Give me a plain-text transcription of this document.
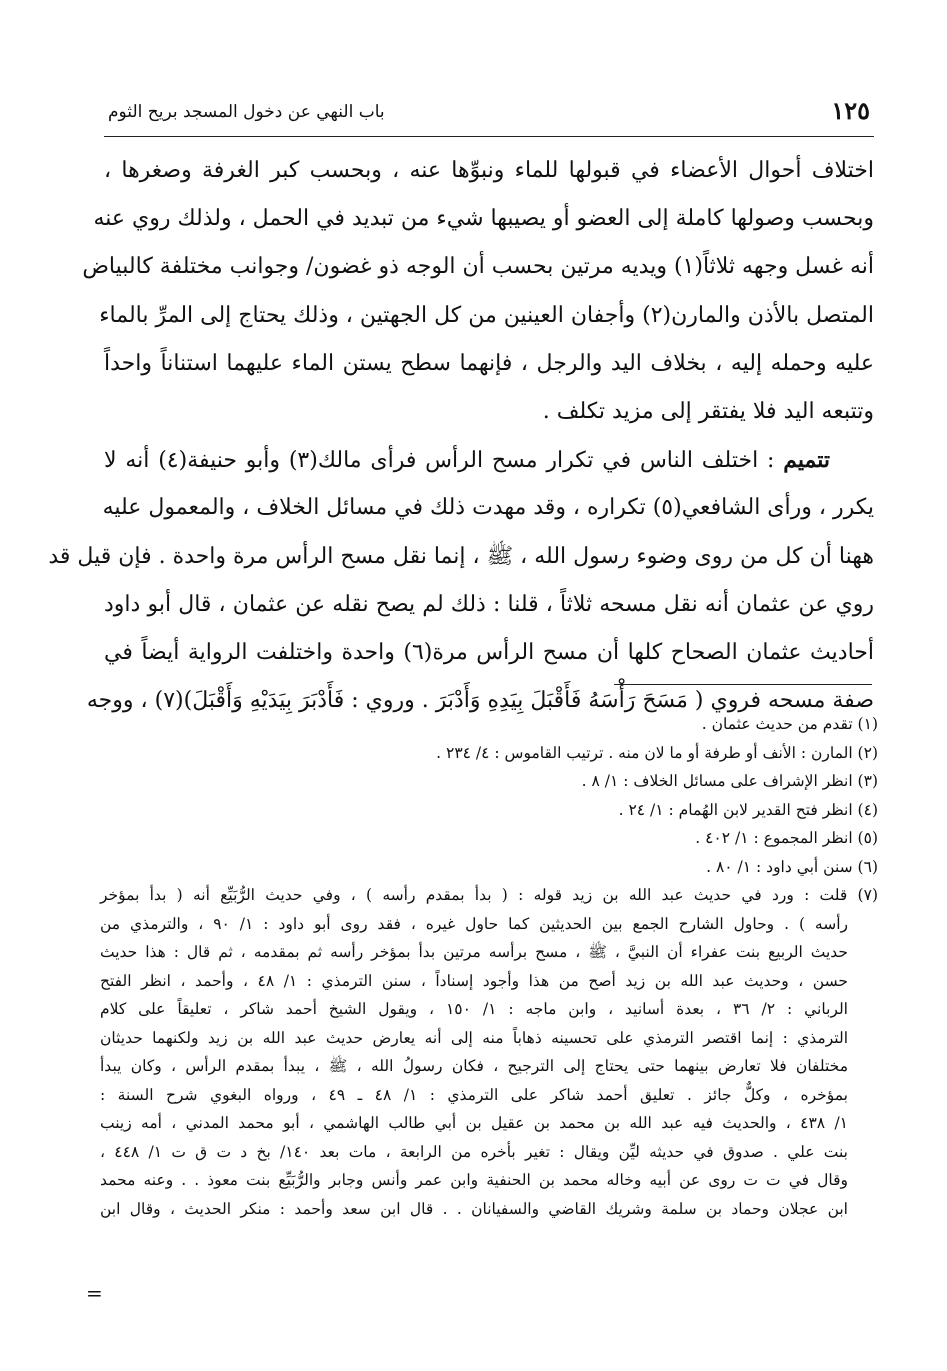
١٢٥
باب النهي عن دخول المسجد بريح الثوم
اختلاف أحوال الأعضاء في قبولها للماء ونبوِّها عنه ، وبحسب كبر الغرفة وصغرها ،
وبحسب وصولها كاملة إلى العضو أو يصيبها شيء من تبديد في الحمل ، ولذلك روي عنه
أنه غسل وجهه ثلاثاً(١) ويديه مرتين بحسب أن الوجه ذو غضون/ وجوانب مختلفة كالبياض
المتصل بالأذن والمارن(٢) وأجفان العينين من كل الجهتين ، وذلك يحتاج إلى المرِّ بالماء
عليه وحمله إليه ، بخلاف اليد والرجل ، فإنهما سطح يستن الماء عليهما استناناً واحداً
وتتبعه اليد فلا يفتقر إلى مزيد تكلف .
تتميم : اختلف الناس في تكرار مسح الرأس فرأى مالك(٣) وأبو حنيفة(٤) أنه لا
يكرر ، ورأى الشافعي(٥) تكراره ، وقد مهدت ذلك في مسائل الخلاف ، والمعمول عليه
ههنا أن كل من روى وضوء رسول الله ، ﷺ ، إنما نقل مسح الرأس مرة واحدة . فإن قيل قد
روي عن عثمان أنه نقل مسحه ثلاثاً ، قلنا : ذلك لم يصح نقله عن عثمان ، قال أبو داود
أحاديث عثمان الصحاح كلها أن مسح الرأس مرة(٦) واحدة واختلفت الرواية أيضاً في
صفة مسحه فروي ( مَسَحَ رَأْسَهُ فَأَقْبَلَ بِيَدِهِ وَأَدْبَرَ . وروي : فَأَدْبَرَ بِيَدَيْهِ وَأَقْبَلَ)(٧) ، ووجه
(١) تقدم من حديث عثمان .
(٢) المارن : الأنف أو طرفة أو ما لان منه . ترتيب القاموس : ٤/ ٢٣٤ .
(٣) انظر الإشراف على مسائل الخلاف : ١/ ٨ .
(٤) انظر فتح القدير لابن الهُمام : ١/ ٢٤ .
(٥) انظر المجموع : ١/ ٤٠٢ .
(٦) سنن أبي داود : ١/ ٨٠ .
(٧) قلت : ورد في حديث عبد الله بن زيد قوله : ( بدأ بمقدم رأسه ) ، وفي حديث الرُّبَيِّع أنه ( بدأ بمؤخر
رأسه ) . وحاول الشارح الجمع بين الحديثين كما حاول غيره ، فقد روى أبو داود : ١/ ٩٠ ، والترمذي من
حديث الربيع بنت عفراء أن النبيَّ ، ﷺ ، مسح برأسه مرتين بدأ بمؤخر رأسه ثم بمقدمه ، ثم قال : هذا حديث
حسن ، وحديث عبد الله بن زيد أصح من هذا وأجود إسناداً ، سنن الترمذي : ١/ ٤٨ ، وأحمد ، انظر الفتح
الرباني : ٢/ ٣٦ ، بعدة أسانيد ، وابن ماجه : ١/ ١٥٠ ، ويقول الشيخ أحمد شاكر ، تعليقاً على كلام
الترمذي : إنما اقتصر الترمذي على تحسينه ذهاباً منه إلى أنه يعارض حديث عبد الله بن زيد ولكنهما حديثان
مختلفان فلا تعارض بينهما حتى يحتاج إلى الترجيح ، فكان رسولُ الله ، ﷺ ، يبدأ بمقدم الرأس ، وكان يبدأ
بمؤخره ، وكلٌّ جائز . تعليق أحمد شاكر على الترمذي : ١/ ٤٨ ـ ٤٩ ، ورواه البغوي شرح السنة :
١/ ٤٣٨ ، والحديث فيه عبد الله بن محمد بن عقيل بن أبي طالب الهاشمي ، أبو محمد المدني ، أمه زينب
بنت علي . صدوق في حديثه ليِّن ويقال : تغير بأخره من الرابعة ، مات بعد ١٤٠/ بخ د ت ق ت ١/ ٤٤٨ ،
وقال في ت ت روى عن أبيه وخاله محمد بن الحنفية وابن عمر وأنس وجابر والرُّبَيِّع بنت معوذ . . وعنه محمد
ابن عجلان وحماد بن سلمة وشريك القاضي والسفيانان . . قال ابن سعد وأحمد : منكر الحديث ، وقال ابن
=
